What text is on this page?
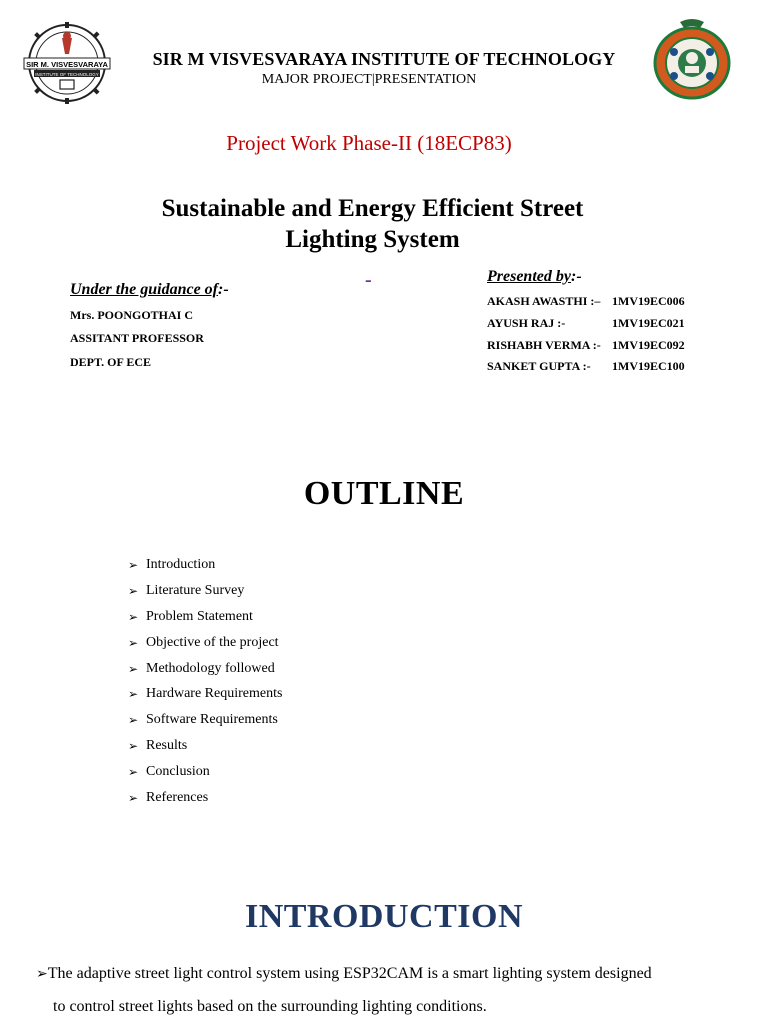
SIR M. VISVESVARAYA
INSTITUTE OF TECHNOLOGY
SIR M VISVESVARAYA INSTITUTE OF TECHNOLOGY
MAJOR PROJECT|PRESENTATION
Project Work Phase-II (18ECP83)
Sustainable and Energy Efficient Street
Lighting System
-
Under the guidance of:-
Mrs. POONGOTHAI C
ASSITANT PROFESSOR
DEPT. OF ECE
Presented by:-
AKASH AWASTHI :– 1MV19EC006
AYUSH RAJ :-	1MV19EC021
RISHABH VERMA :- 1MV19EC092
SANKET GUPTA :- 1MV19EC100
OUTLINE
➢ Introduction
➢ Literature Survey
➢ Problem Statement
➢ Objective of the project
➢ Methodology followed
➢ Hardware Requirements
➢ Software Requirements
➢ Results
➢ Conclusion
➢ References
INTRODUCTION
➢The adaptive street light control system using ESP32CAM is a smart lighting system designed
to control street lights based on the surrounding lighting conditions.
